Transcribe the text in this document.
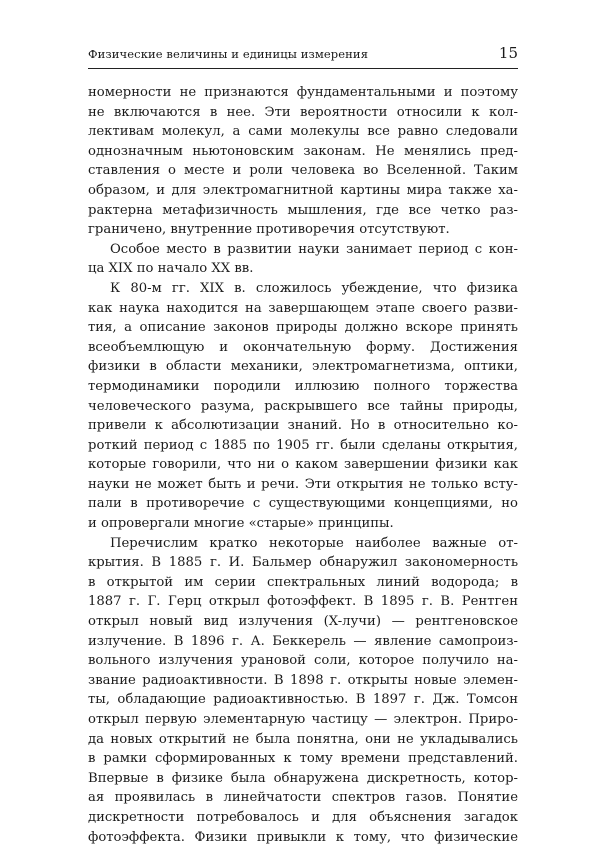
Физические величины и единицы измерения	15
номерности не признаются фундаментальными и поэтому
не включаются в нее. Эти вероятности относили к кол-
лективам молекул, а сами молекулы все равно следовали
однозначным ньютоновским законам. Не менялись пред-
ставления о месте и роли человека во Вселенной. Таким
образом, и для электромагнитной картины мира также ха-
рактерна метафизичность мышления, где все четко раз-
граничено, внутренние противоречия отсутствуют.
Особое место в развитии науки занимает период с кон-
ца XIX по начало XX вв.
К 80-м гг. XIX в. сложилось убеждение, что физика
как наука находится на завершающем этапе своего разви-
тия, а описание законов природы должно вскоре принять
всеобъемлющую и окончательную форму. Достижения
физики в области механики, электромагнетизма, оптики,
термодинамики породили иллюзию полного торжества
человеческого разума, раскрывшего все тайны природы,
привели к абсолютизации знаний. Но в относительно ко-
роткий период с 1885 по 1905 гг. были сделаны открытия,
которые говорили, что ни о каком завершении физики как
науки не может быть и речи. Эти открытия не только всту-
пали в противоречие с существующими концепциями, но
и опровергали многие «старые» принципы.
Перечислим кратко некоторые наиболее важные от-
крытия. В 1885 г. И. Бальмер обнаружил закономерность
в открытой им серии спектральных линий водорода; в
1887 г. Г. Герц открыл фотоэффект. В 1895 г. В. Рентген
открыл новый вид излучения (X-лучи) — рентгеновское
излучение. В 1896 г. А. Беккерель — явление самопроиз-
вольного излучения урановой соли, которое получило на-
звание радиоактивности. В 1898 г. открыты новые элемен-
ты, обладающие радиоактивностью. В 1897 г. Дж. Томсон
открыл первую элементарную частицу — электрон. Приро-
да новых открытий не была понятна, они не укладывались
в рамки сформированных к тому времени представлений.
Впервые в физике была обнаружена дискретность, котор-
ая проявилась в линейчатости спектров газов. Понятие
дискретности потребовалось и для объяснения загадок
фотоэффекта. Физики привыкли к тому, что физические
